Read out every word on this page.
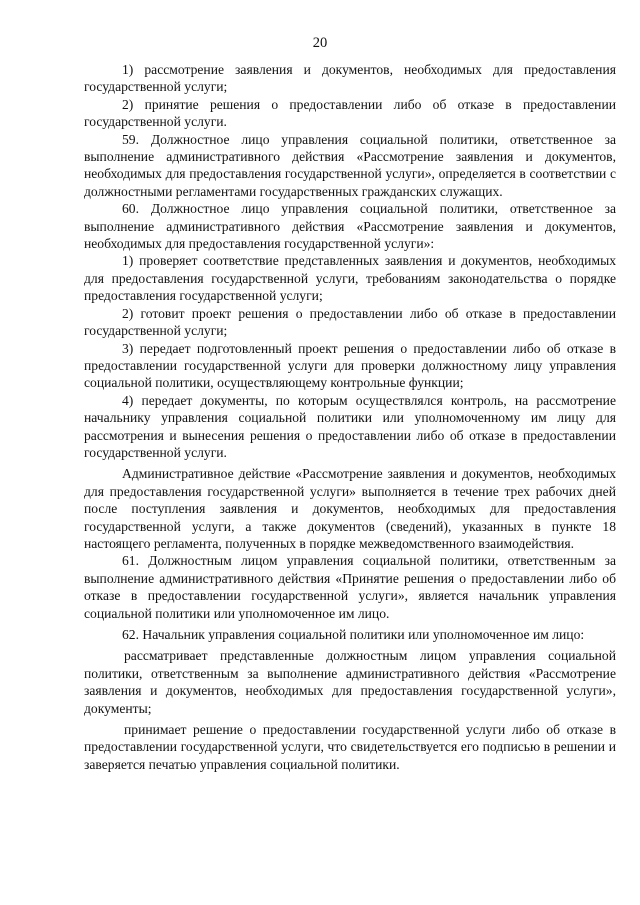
20

1) рассмотрение заявления и документов, необходимых для предоставления государственной услуги;

2) принятие решения о предоставлении либо об отказе в предоставлении государственной услуги.

59. Должностное лицо управления социальной политики, ответственное за выполнение административного действия «Рассмотрение заявления и документов, необходимых для предоставления государственной услуги», определяется в соответствии с должностными регламентами государственных гражданских служащих.

60. Должностное лицо управления социальной политики, ответственное за выполнение административного действия «Рассмотрение заявления и документов, необходимых для предоставления государственной услуги»:

1) проверяет соответствие представленных заявления и документов, необходимых для предоставления государственной услуги, требованиям законодательства о порядке предоставления государственной услуги;

2) готовит проект решения о предоставлении либо об отказе в предоставлении государственной услуги;

3) передает подготовленный проект решения о предоставлении либо об отказе в предоставлении государственной услуги для проверки должностному лицу управления социальной политики, осуществляющему контрольные функции;

4) передает документы, по которым осуществлялся контроль, на рассмотрение начальнику управления социальной политики или уполномоченному им лицу для рассмотрения и вынесения решения о предоставлении либо об отказе в предоставлении государственной услуги.

Административное действие «Рассмотрение заявления и документов, необходимых для предоставления государственной услуги» выполняется в течение трех рабочих дней после поступления заявления и документов, необходимых для предоставления государственной услуги, а также документов (сведений), указанных в пункте 18 настоящего регламента, полученных в порядке межведомственного взаимодействия.

61. Должностным лицом управления социальной политики, ответственным за выполнение административного действия «Принятие решения о предоставлении либо об отказе в предоставлении государственной услуги», является начальник управления социальной политики или уполномоченное им лицо.

62. Начальник управления социальной политики или уполномоченное им лицо:

рассматривает представленные должностным лицом управления социальной политики, ответственным за выполнение административного действия «Рассмотрение заявления и документов, необходимых для предоставления государственной услуги», документы;

принимает решение о предоставлении государственной услуги либо об отказе в предоставлении государственной услуги, что свидетельствуется его подписью в решении и заверяется печатью управления социальной политики.
